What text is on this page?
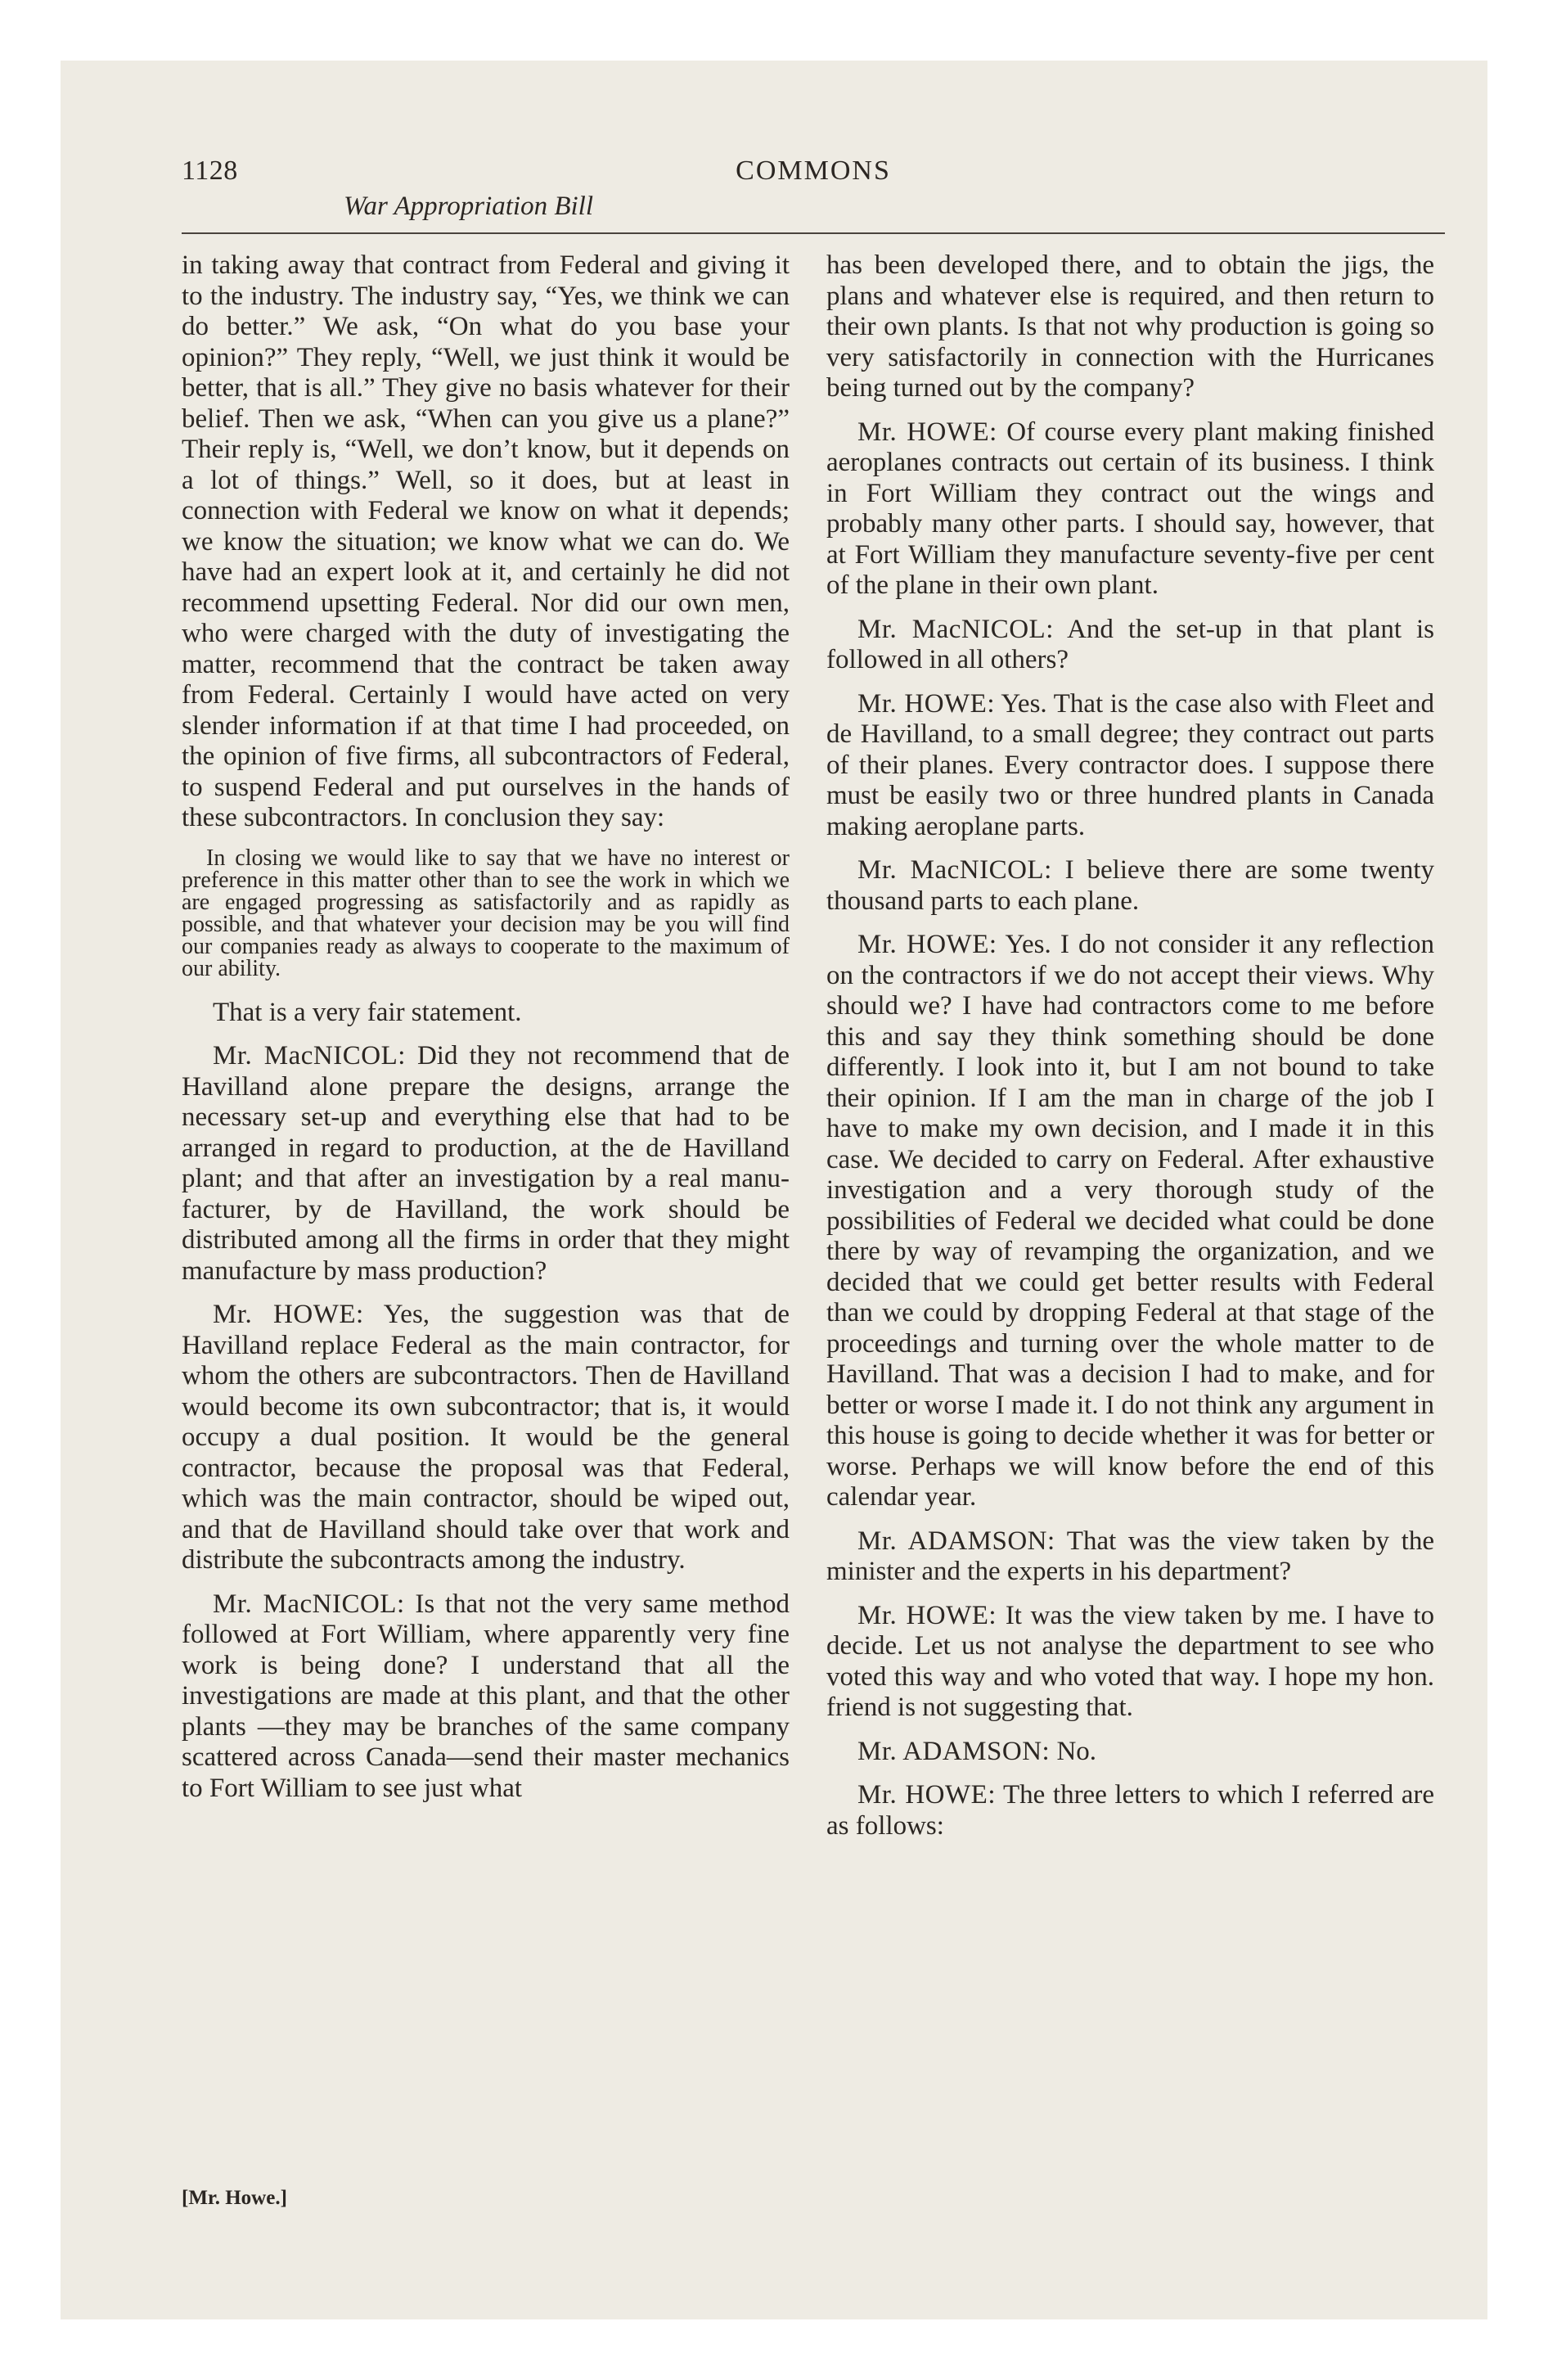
1128	COMMONS
War Appropriation Bill

in taking away that contract from Federal and giving it to the industry. The industry say, “Yes, we think we can do better.” We ask, “On what do you base your opinion?” They reply, “Well, we just think it would be better, that is all.” They give no basis whatever for their belief. Then we ask, “When can you give us a plane?” Their reply is, “Well, we don’t know, but it depends on a lot of things.” Well, so it does, but at least in connection with Federal we know on what it depends; we know the situation; we know what we can do. We have had an expert look at it, and certainly he did not recommend upsetting Federal. Nor did our own men, who were charged with the duty of investigating the matter, recommend that the contract be taken away from Federal. Certainly I would have acted on very slender information if at that time I had proceeded, on the opinion of five firms, all subcontractors of Federal, to suspend Federal and put ourselves in the hands of these subcontractors. In conclusion they say:

In closing we would like to say that we have no interest or preference in this matter other than to see the work in which we are engaged progressing as satisfactorily and as rapidly as possible, and that whatever your decision may be you will find our companies ready as always to cooperate to the maximum of our ability.

That is a very fair statement.

Mr. MacNICOL: Did they not recommend that de Havilland alone prepare the designs, arrange the necessary set-up and everything else that had to be arranged in regard to production, at the de Havilland plant; and that after an investigation by a real manufacturer, by de Havilland, the work should be distributed among all the firms in order that they might manufacture by mass production?

Mr. HOWE: Yes, the suggestion was that de Havilland replace Federal as the main contractor, for whom the others are subcontractors. Then de Havilland would become its own subcontractor; that is, it would occupy a dual position. It would be the general contractor, because the proposal was that Federal, which was the main contractor, should be wiped out, and that de Havilland should take over that work and distribute the subcontracts among the industry.

Mr. MacNICOL: Is that not the very same method followed at Fort William, where apparently very fine work is being done? I understand that all the investigations are made at this plant, and that the other plants —they may be branches of the same company scattered across Canada—send their master mechanics to Fort William to see just what

has been developed there, and to obtain the jigs, the plans and whatever else is required, and then return to their own plants. Is that not why production is going so very satisfactorily in connection with the Hurricanes being turned out by the company?

Mr. HOWE: Of course every plant making finished aeroplanes contracts out certain of its business. I think in Fort William they contract out the wings and probably many other parts. I should say, however, that at Fort William they manufacture seventy-five per cent of the plane in their own plant.

Mr. MacNICOL: And the set-up in that plant is followed in all others?

Mr. HOWE: Yes. That is the case also with Fleet and de Havilland, to a small degree; they contract out parts of their planes. Every contractor does. I suppose there must be easily two or three hundred plants in Canada making aeroplane parts.

Mr. MacNICOL: I believe there are some twenty thousand parts to each plane.

Mr. HOWE: Yes. I do not consider it any reflection on the contractors if we do not accept their views. Why should we? I have had contractors come to me before this and say they think something should be done differently. I look into it, but I am not bound to take their opinion. If I am the man in charge of the job I have to make my own decision, and I made it in this case. We decided to carry on Federal. After exhaustive investigation and a very thorough study of the possibilities of Federal we decided what could be done there by way of revamping the organization, and we decided that we could get better results with Federal than we could by dropping Federal at that stage of the proceedings and turning over the whole matter to de Havilland. That was a decision I had to make, and for better or worse I made it. I do not think any argument in this house is going to decide whether it was for better or worse. Perhaps we will know before the end of this calendar year.

Mr. ADAMSON: That was the view taken by the minister and the experts in his department?

Mr. HOWE: It was the view taken by me. I have to decide. Let us not analyse the department to see who voted this way and who voted that way. I hope my hon. friend is not suggesting that.

Mr. ADAMSON: No.

Mr. HOWE: The three letters to which I referred are as follows:

[Mr. Howe.]
